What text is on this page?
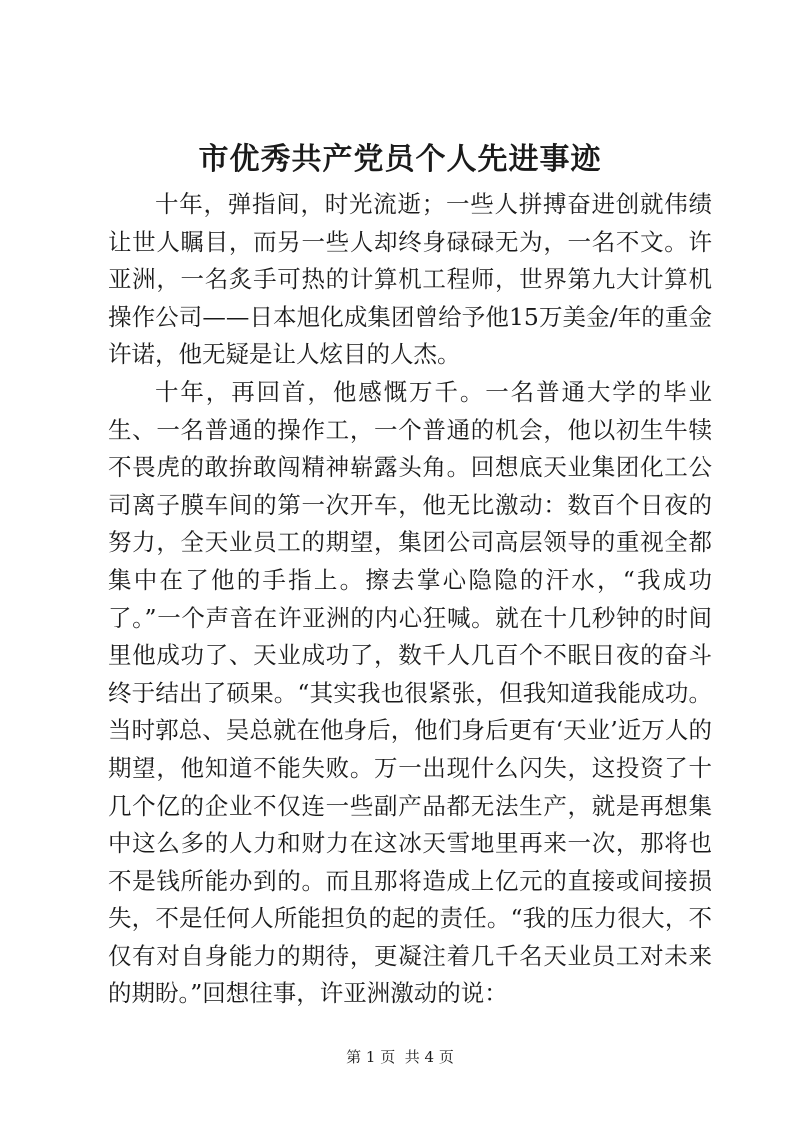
市优秀共产党员个人先进事迹

十年，弹指间，时光流逝；一些人拼搏奋进创就伟绩让世人瞩目，而另一些人却终身碌碌无为，一名不文。许亚洲，一名炙手可热的计算机工程师，世界第九大计算机操作公司——日本旭化成集团曾给予他15万美金/年的重金许诺，他无疑是让人炫目的人杰。

十年，再回首，他感慨万千。一名普通大学的毕业生、一名普通的操作工，一个普通的机会，他以初生牛犊不畏虎的敢拚敢闯精神崭露头角。回想底天业集团化工公司离子膜车间的第一次开车，他无比激动：数百个日夜的努力，全天业员工的期望，集团公司高层领导的重视全都集中在了他的手指上。擦去掌心隐隐的汗水，“我成功了。”一个声音在许亚洲的内心狂喊。就在十几秒钟的时间里他成功了、天业成功了，数千人几百个不眠日夜的奋斗终于结出了硕果。“其实我也很紧张，但我知道我能成功。当时郭总、吴总就在他身后，他们身后更有‘天业’近万人的期望，他知道不能失败。万一出现什么闪失，这投资了十几个亿的企业不仅连一些副产品都无法生产，就是再想集中这么多的人力和财力在这冰天雪地里再来一次，那将也不是钱所能办到的。而且那将造成上亿元的直接或间接损失，不是任何人所能担负的起的责任。“我的压力很大，不仅有对自身能力的期待，更凝注着几千名天业员工对未来的期盼。”回想往事，许亚洲激动的说：

第 1 页  共 4 页
